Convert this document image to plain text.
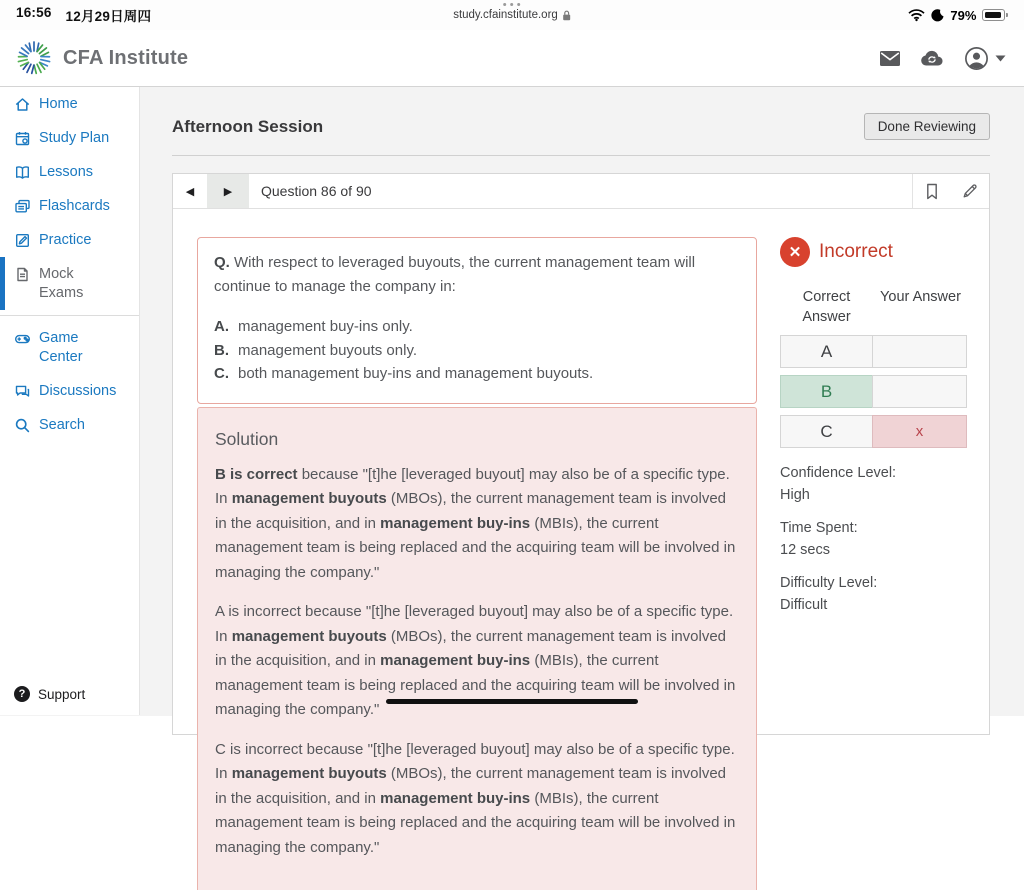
16:56 12月29日周四	study.cfainstitute.org	79%
CFA Institute
Home
Study Plan
Lessons
Flashcards
Practice
Mock Exams
Game Center
Discussions
Search
? Support
Afternoon Session	Done Reviewing
◀	▶ Question 86 of 90

Q. With respect to leveraged buyouts, the current management team will continue to manage the company in:

A. management buy-ins only.
B. management buyouts only.
C. both management buy-ins and management buyouts.
Solution

B is correct because "[t]he [leveraged buyout] may also be of a specific type. In management buyouts (MBOs), the current management team is involved in the acquisition, and in management buy-ins (MBIs), the current management team is being replaced and the acquiring team will be involved in managing the company."

A is incorrect because "[t]he [leveraged buyout] may also be of a specific type. In management buyouts (MBOs), the current management team is involved in the acquisition, and in management buy-ins (MBIs), the current management team is being replaced and the acquiring team will be involved in managing the company."

C is incorrect because "[t]he [leveraged buyout] may also be of a specific type. In management buyouts (MBOs), the current management team is involved in the acquisition, and in management buy-ins (MBIs), the current management team is being replaced and the acquiring team will be involved in managing the company."

✕ Incorrect
Correct Answer
Your Answer
A
B
C	x
Confidence Level:
High
Time Spent:
12 secs
Difficulty Level:
Difficult
